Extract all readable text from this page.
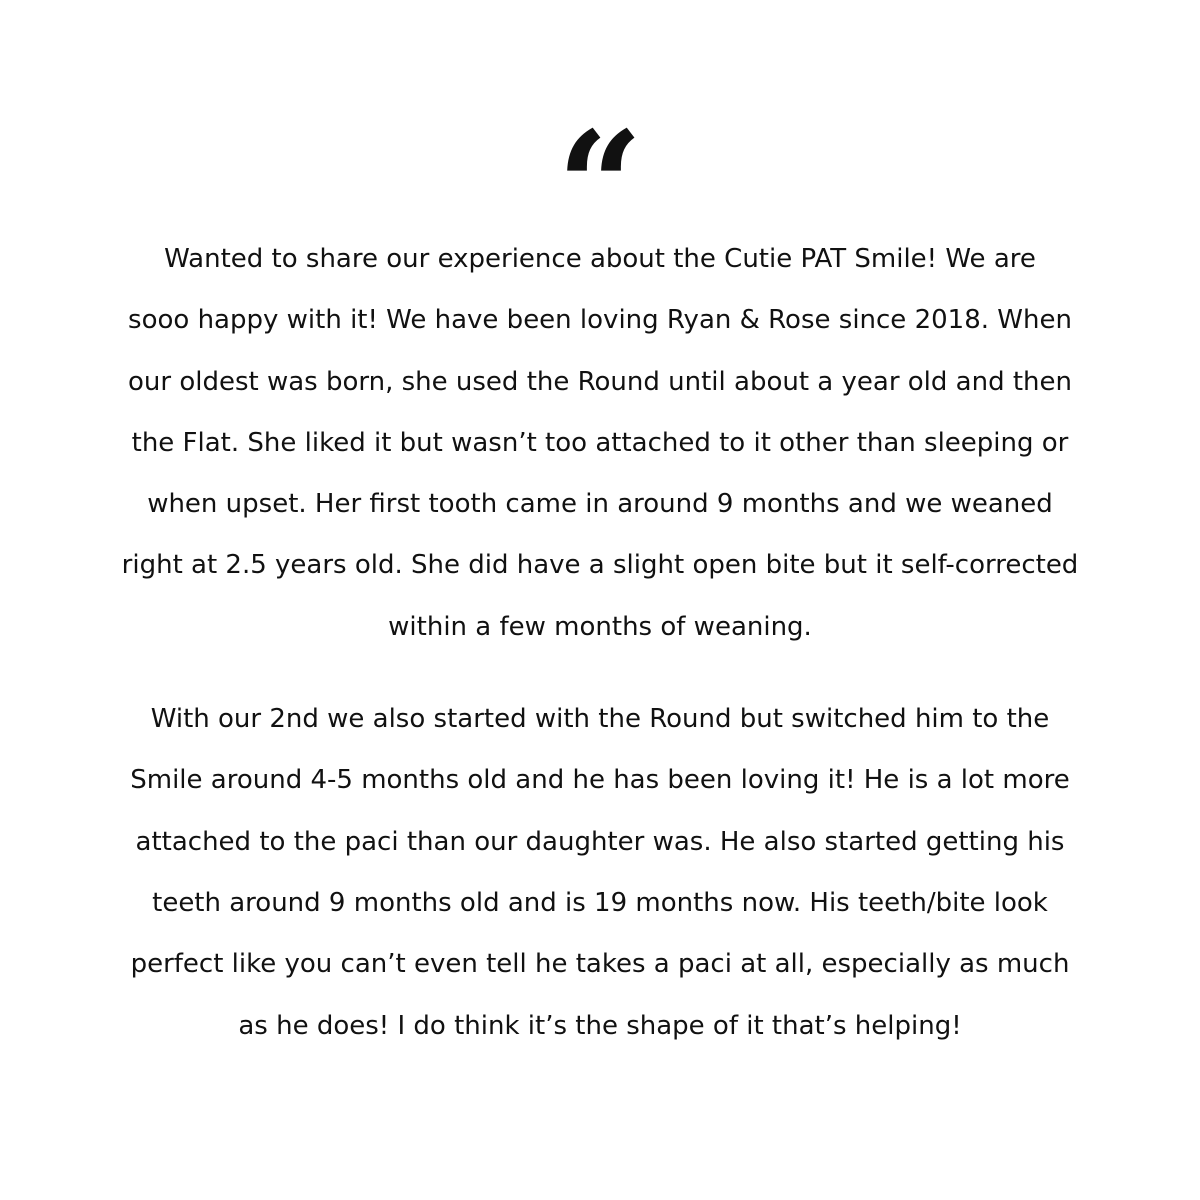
“

Wanted to share our experience about the Cutie PAT Smile! We are
sooo happy with it! We have been loving Ryan & Rose since 2018. When
our oldest was born, she used the Round until about a year old and then
the Flat. She liked it but wasn’t too attached to it other than sleeping or
when upset. Her first tooth came in around 9 months and we weaned
right at 2.5 years old. She did have a slight open bite but it self-corrected
within a few months of weaning.

With our 2nd we also started with the Round but switched him to the
Smile around 4-5 months old and he has been loving it! He is a lot more
attached to the paci than our daughter was. He also started getting his
teeth around 9 months old and is 19 months now. His teeth/bite look
perfect like you can’t even tell he takes a paci at all, especially as much
as he does! I do think it’s the shape of it that’s helping!
